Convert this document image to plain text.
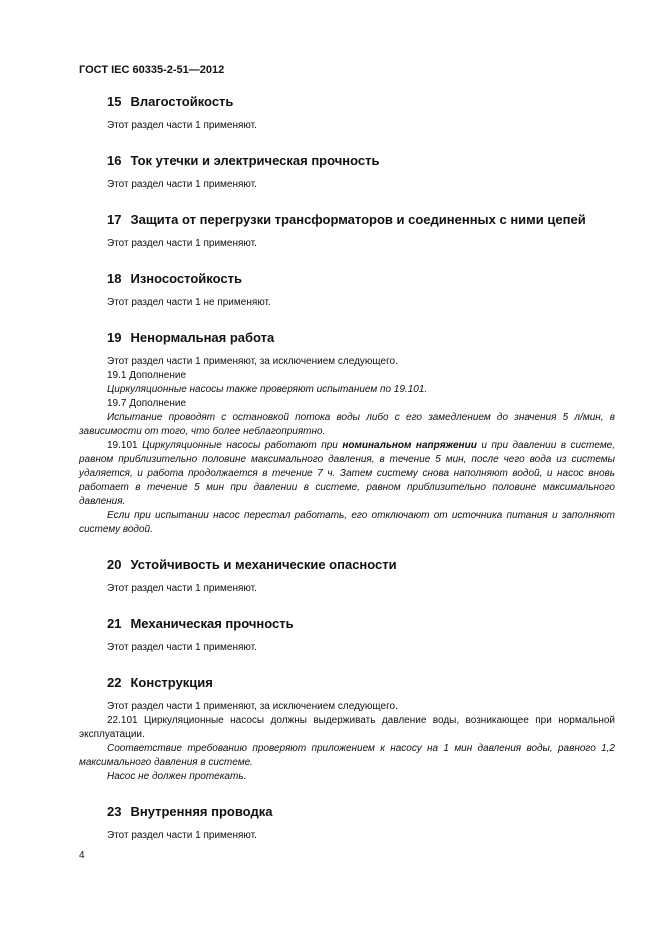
ГОСТ IEC 60335-2-51—2012
15 Влагостойкость

Этот раздел части 1 применяют.

16 Ток утечки и электрическая прочность

Этот раздел части 1 применяют.

17 Защита от перегрузки трансформаторов и соединенных с ними цепей

Этот раздел части 1 применяют.

18 Износостойкость

Этот раздел части 1 не применяют.

19 Ненормальная работа

Этот раздел части 1 применяют, за исключением следующего.

19.1 Дополнение

Циркуляционные насосы также проверяют испытанием по 19.101.

19.7 Дополнение

Испытание проводят с остановкой потока воды либо с его замедлением до значения 5 л/мин, в зависимости от того, что более неблагоприятно.

19.101 Циркуляционные насосы работают при номинальном напряжении и при давлении в системе, равном приблизительно половине максимального давления, в течение 5 мин, после чего вода из системы удаляется, и работа продолжается в течение 7 ч. Затем систему снова наполняют водой, и насос вновь работает в течение 5 мин при давлении в системе, равном приблизительно половине максимального давления.

Если при испытании насос перестал работать, его отключают от источника питания и заполняют систему водой.

20 Устойчивость и механические опасности

Этот раздел части 1 применяют.

21 Механическая прочность

Этот раздел части 1 применяют.

22 Конструкция

Этот раздел части 1 применяют, за исключением следующего.

22.101 Циркуляционные насосы должны выдерживать давление воды, возникающее при нормальной эксплуатации.

Соответствие требованию проверяют приложением к насосу на 1 мин давления воды, равного 1,2 максимального давления в системе.

Насос не должен протекать.

23 Внутренняя проводка

Этот раздел части 1 применяют.

4
